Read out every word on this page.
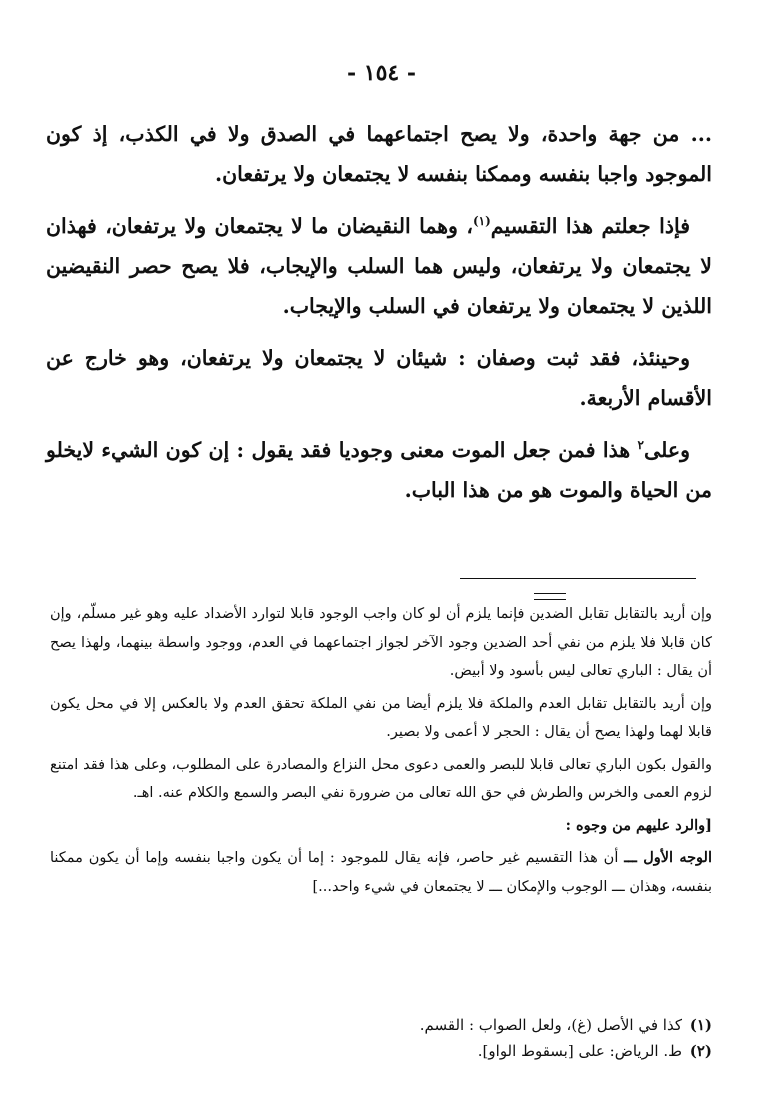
- ١٥٤ -

... من جهة واحدة، ولا يصح اجتماعهما في الصدق ولا في الكذب، إذ كون الموجود واجبا بنفسه وممكنا بنفسه لا يجتمعان ولا يرتفعان.

فإذا جعلتم هذا التقسيم$^{(١)}$، وهما النقيضان ما لا يجتمعان ولا يرتفعان، فهذان لا يجتمعان ولا يرتفعان، وليس هما السلب والإيجاب، فلا يصح حصر النقيضين اللذين لا يجتمعان ولا يرتفعان في السلب والإيجاب.

وحينئذ، فقد ثبت وصفان : شيئان لا يجتمعان ولا يرتفعان، وهو خارج عن الأقسام الأربعة.

وعلى$^٢$ هذا فمن جعل الموت معنى وجوديا فقد يقول : إن كون الشيء لايخلو من الحياة والموت هو من هذا الباب.

وإن أريد بالتقابل تقابل الضدين فإنما يلزم أن لو كان واجب الوجود قابلا لتوارد الأضداد عليه وهو غير مسلّم، وإن كان قابلا فلا يلزم من نفي أحد الضدين وجود الآخر لجواز اجتماعهما في العدم، ووجود واسطة بينهما، ولهذا يصح أن يقال : الباري تعالى ليس بأسود ولا أبيض.

وإن أريد بالتقابل تقابل العدم والملكة فلا يلزم أيضا من نفي الملكة تحقق العدم ولا بالعكس إلا في محل يكون قابلا لهما ولهذا يصح أن يقال : الحجر لا أعمى ولا بصير.

والقول بكون الباري تعالى قابلا للبصر والعمى دعوى محل النزاع والمصادرة على المطلوب، وعلى هذا فقد امتنع لزوم العمى والخرس والطرش في حق الله تعالى من ضرورة نفي البصر والسمع والكلام عنه. اهـ.

[والرد عليهم من وجوه :

الوجه الأول ـــ أن هذا التقسيم غير حاصر، فإنه يقال للموجود : إما أن يكون واجبا بنفسه وإما أن يكون ممكنا بنفسه، وهذان ـــ الوجوب والإمكان ـــ لا يجتمعان في شيء واحد...]

(١)كذا في الأصل (غ)، ولعل الصواب : القسم.
(٢)ط. الرياض: على [بسقوط الواو].
